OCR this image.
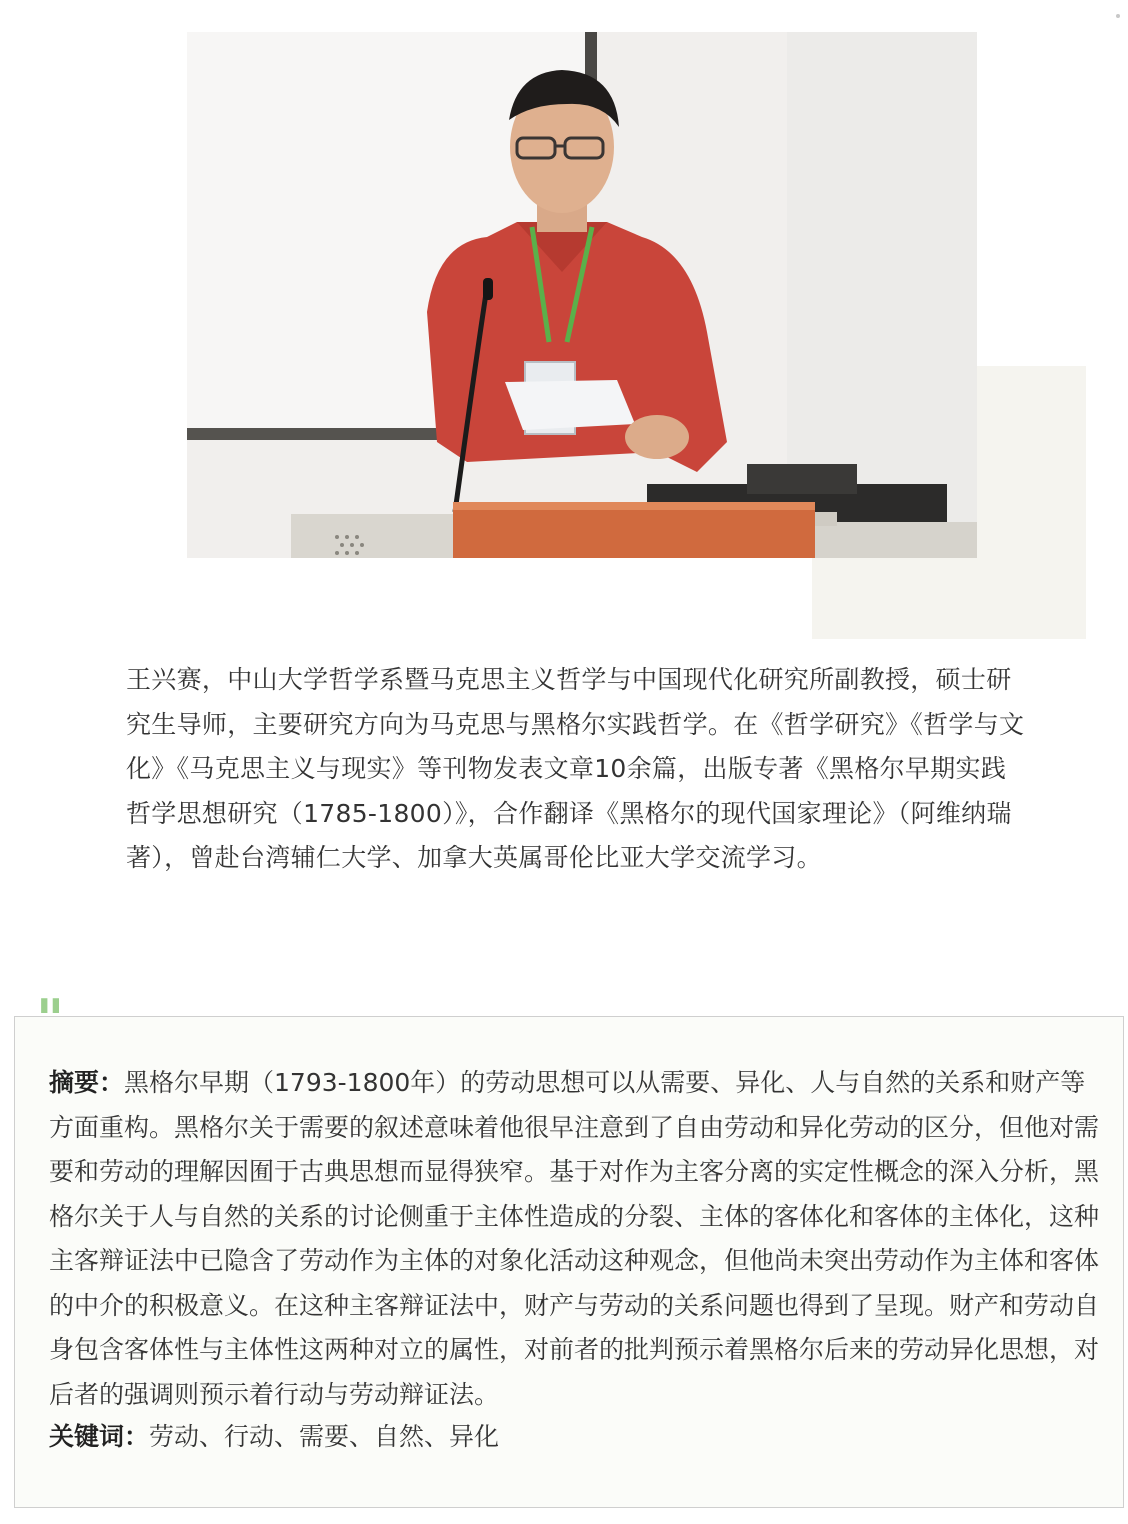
王兴赛，中山大学哲学系暨马克思主义哲学与中国现代化研究所副教授，硕士研究生导师，主要研究方向为马克思与黑格尔实践哲学。在《哲学研究》《哲学与文化》《马克思主义与现实》等刊物发表文章10余篇，出版专著《黑格尔早期实践哲学思想研究（1785-1800）》，合作翻译《黑格尔的现代国家理论》（阿维纳瑞著），曾赴台湾辅仁大学、加拿大英属哥伦比亚大学交流学习。

摘要：黑格尔早期（1793-1800年）的劳动思想可以从需要、异化、人与自然的关系和财产等方面重构。黑格尔关于需要的叙述意味着他很早注意到了自由劳动和异化劳动的区分，但他对需要和劳动的理解因囿于古典思想而显得狭窄。基于对作为主客分离的实定性概念的深入分析，黑格尔关于人与自然的关系的讨论侧重于主体性造成的分裂、主体的客体化和客体的主体化，这种主客辩证法中已隐含了劳动作为主体的对象化活动这种观念，但他尚未突出劳动作为主体和客体的中介的积极意义。在这种主客辩证法中，财产与劳动的关系问题也得到了呈现。财产和劳动自身包含客体性与主体性这两种对立的属性，对前者的批判预示着黑格尔后来的劳动异化思想，对后者的强调则预示着行动与劳动辩证法。

关键词：劳动、行动、需要、自然、异化
